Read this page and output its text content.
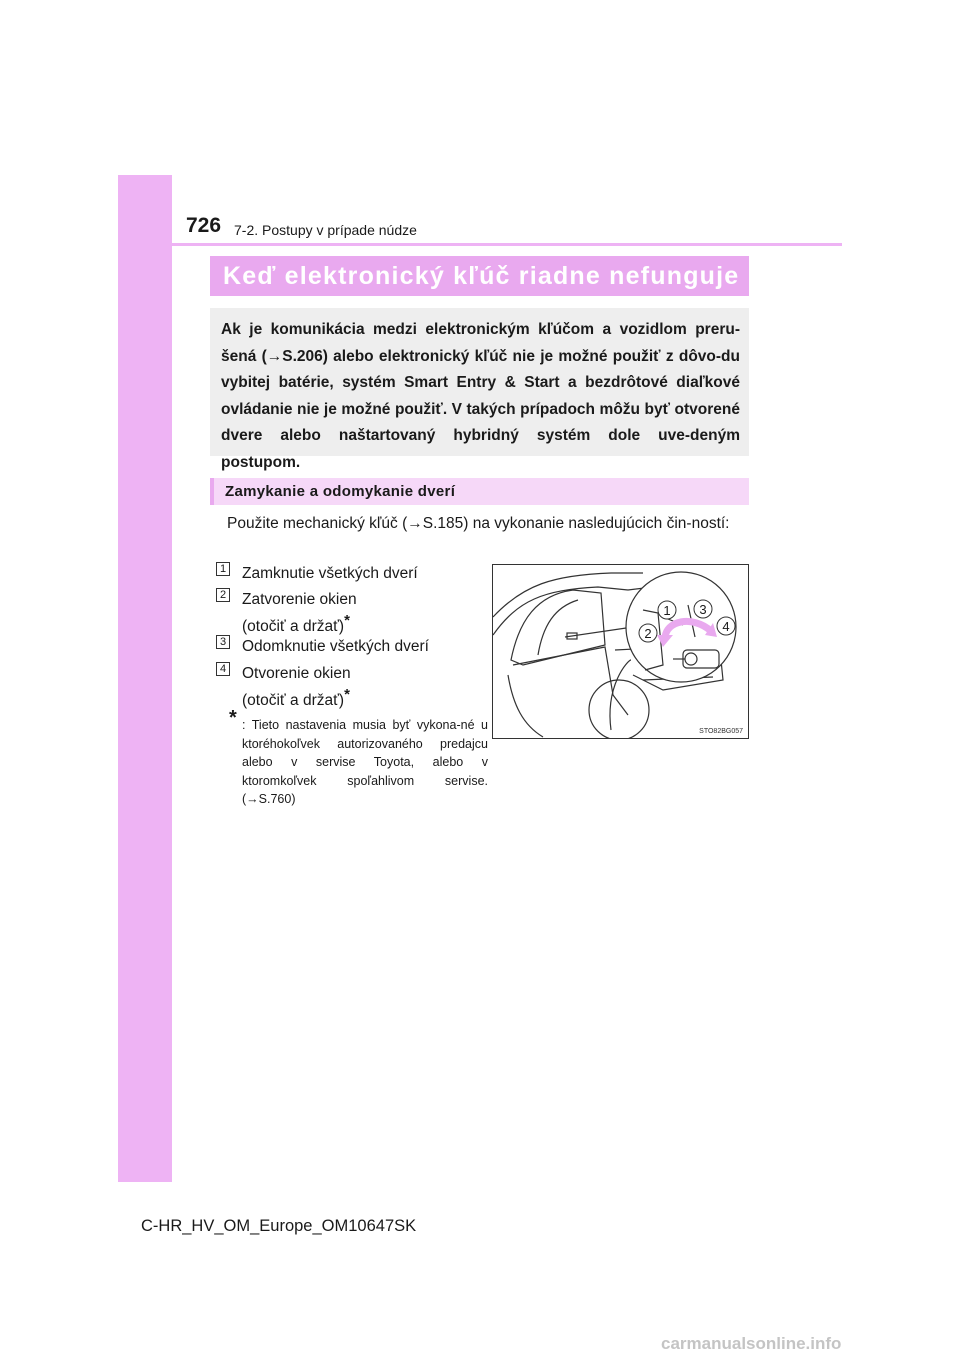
726 7-2. Postupy v prípade núdze
Keď elektronický kľúč riadne nefunguje
Ak je komunikácia medzi elektronickým kľúčom a vozidlom preru-šená (→S.206) alebo elektronický kľúč nie je možné použiť z dôvo-du vybitej batérie, systém Smart Entry & Start a bezdrôtové diaľkové ovládanie nie je možné použiť. V takých prípadoch môžu byť otvorené dvere alebo naštartovaný hybridný systém dole uve-deným postupom.
Zamykanie a odomykanie dverí
Použite mechanický kľúč (→S.185) na vykonanie nasledujúcich čin-ností:
1 Zamknutie všetkých dverí
2 Zatvorenie okien
(otočiť a držať)*
3 Odomknutie všetkých dverí
4 Otvorenie okien
(otočiť a držať)*
* : Tieto nastavenia musia byť vykona-né u ktoréhokoľvek autorizovaného predajcu alebo v servise Toyota, alebo v ktoromkoľvek spoľahlivom servise. (→S.760)
1
2
3
4
STO82BG057
C-HR_HV_OM_Europe_OM10647SK
carmanualsonline.info
